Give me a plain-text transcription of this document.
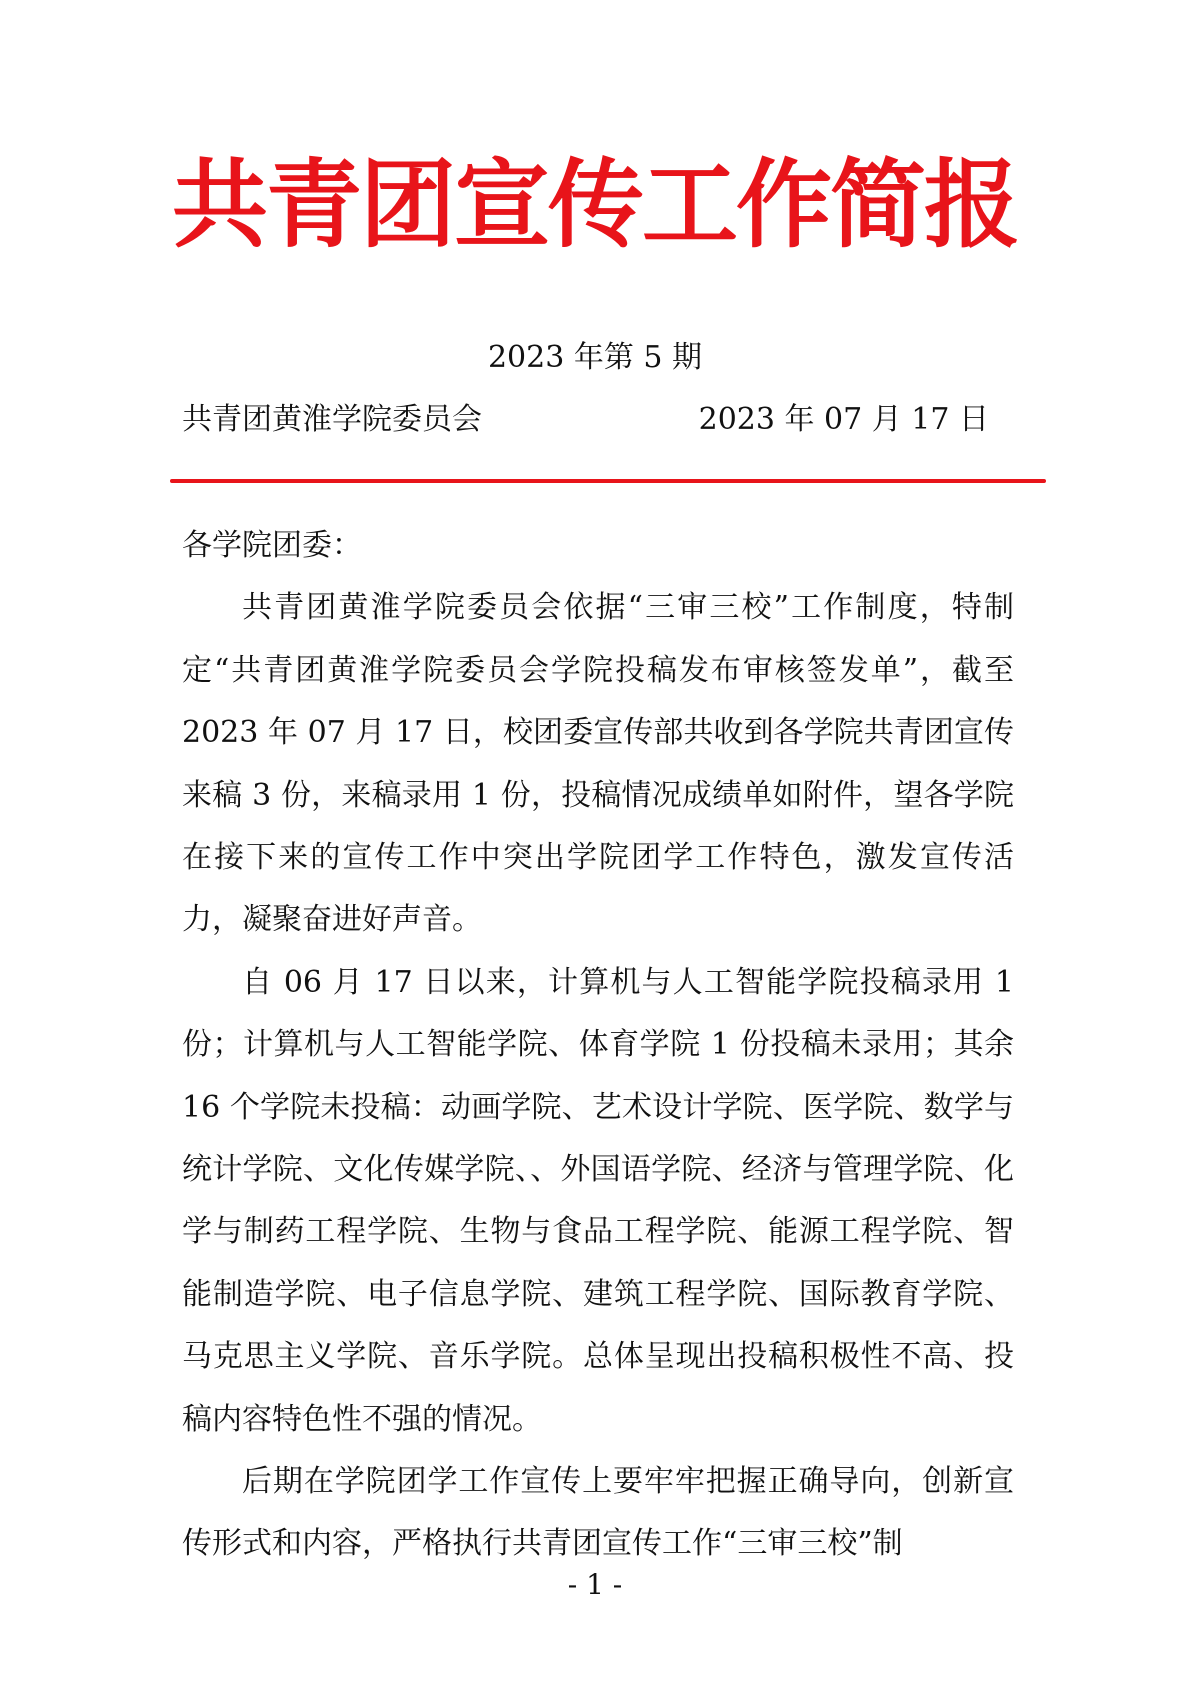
共青团宣传工作简报
2023 年第 5 期
共青团黄淮学院委员会	2023 年 07 月 17 日

各学院团委：

共青团黄淮学院委员会依据“三审三校”工作制度，特制定“共青团黄淮学院委员会学院投稿发布审核签发单”，截至 2023 年 07 月 17 日，校团委宣传部共收到各学院共青团宣传来稿 3 份，来稿录用 1 份，投稿情况成绩单如附件，望各学院在接下来的宣传工作中突出学院团学工作特色，激发宣传活力，凝聚奋进好声音。

自 06 月 17 日以来，计算机与人工智能学院投稿录用 1 份；计算机与人工智能学院、体育学院 1 份投稿未录用；其余 16 个学院未投稿：动画学院、艺术设计学院、医学院、数学与统计学院、文化传媒学院、、外国语学院、经济与管理学院、化学与制药工程学院、生物与食品工程学院、能源工程学院、智能制造学院、电子信息学院、建筑工程学院、国际教育学院、马克思主义学院、音乐学院。总体呈现出投稿积极性不高、投稿内容特色性不强的情况。

后期在学院团学工作宣传上要牢牢把握正确导向，创新宣传形式和内容，严格执行共青团宣传工作“三审三校”制

- 1 -
